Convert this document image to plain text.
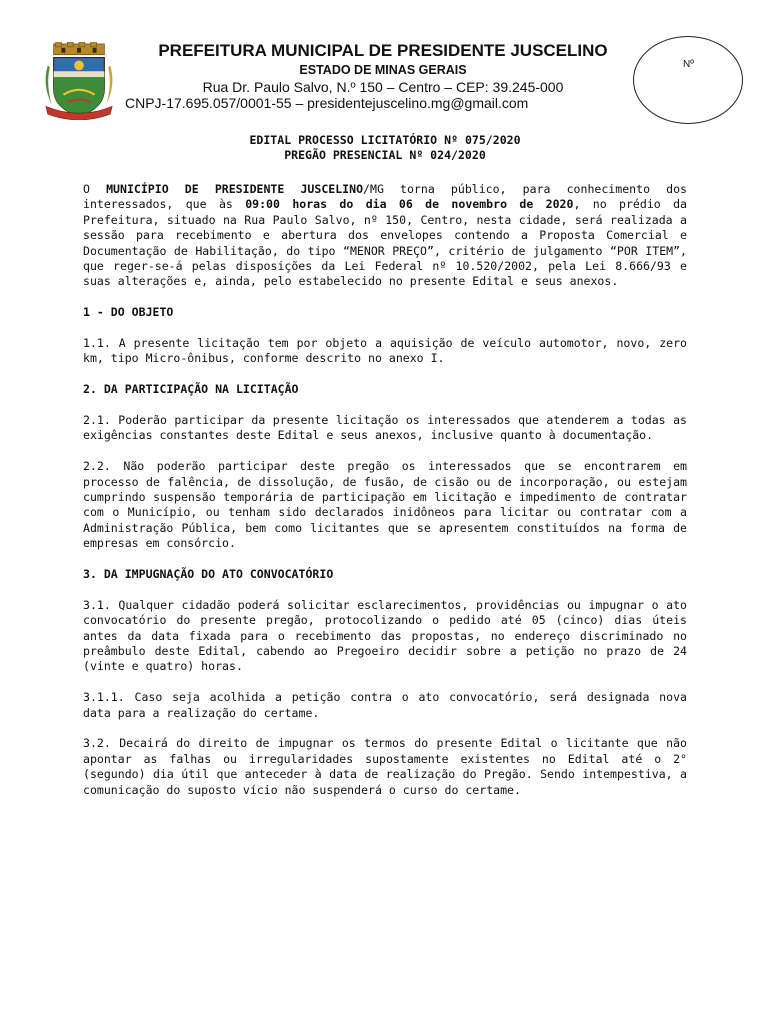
PREFEITURA MUNICIPAL DE PRESIDENTE JUSCELINO
ESTADO DE MINAS GERAIS
Rua Dr. Paulo Salvo, N.º 150 – Centro – CEP: 39.245-000
CNPJ-17.695.057/0001-55 – presidentejuscelino.mg@gmail.com
Nº
EDITAL PROCESSO LICITATÓRIO Nº 075/2020
PREGÃO PRESENCIAL Nº 024/2020

O MUNICÍPIO DE PRESIDENTE JUSCELINO/MG torna público, para conhecimento dos interessados, que às 09:00 horas do dia 06 de novembro de 2020, no prédio da Prefeitura, situado na Rua Paulo Salvo, nº 150, Centro, nesta cidade, será realizada a sessão para recebimento e abertura dos envelopes contendo a Proposta Comercial e Documentação de Habilitação, do tipo “MENOR PREÇO”, critério de julgamento “POR ITEM”, que reger-se-á pelas disposições da Lei Federal nº 10.520/2002, pela Lei 8.666/93 e suas alterações e, ainda, pelo estabelecido no presente Edital e seus anexos.

1 - DO OBJETO

1.1. A presente licitação tem por objeto a aquisição de veículo automotor, novo, zero km, tipo Micro-ônibus, conforme descrito no anexo I.

2. DA PARTICIPAÇÃO NA LICITAÇÃO

2.1. Poderão participar da presente licitação os interessados que atenderem a todas as exigências constantes deste Edital e seus anexos, inclusive quanto à documentação.

2.2. Não poderão participar deste pregão os interessados que se encontrarem em processo de falência, de dissolução, de fusão, de cisão ou de incorporação, ou estejam cumprindo suspensão temporária de participação em licitação e impedimento de contratar com o Município, ou tenham sido declarados inidôneos para licitar ou contratar com a Administração Pública, bem como licitantes que se apresentem constituídos na forma de empresas em consórcio.

3. DA IMPUGNAÇÃO DO ATO CONVOCATÓRIO

3.1. Qualquer cidadão poderá solicitar esclarecimentos, providências ou impugnar o ato convocatório do presente pregão, protocolizando o pedido até 05 (cinco) dias úteis antes da data fixada para o recebimento das propostas, no endereço discriminado no preâmbulo deste Edital, cabendo ao Pregoeiro decidir sobre a petição no prazo de 24 (vinte e quatro) horas.

3.1.1. Caso seja acolhida a petição contra o ato convocatório, será designada nova data para a realização do certame.

3.2. Decairá do direito de impugnar os termos do presente Edital o licitante que não apontar as falhas ou irregularidades supostamente existentes no Edital até o 2° (segundo) dia útil que anteceder à data de realização do Pregão. Sendo intempestiva, a comunicação do suposto vício não suspenderá o curso do certame.
